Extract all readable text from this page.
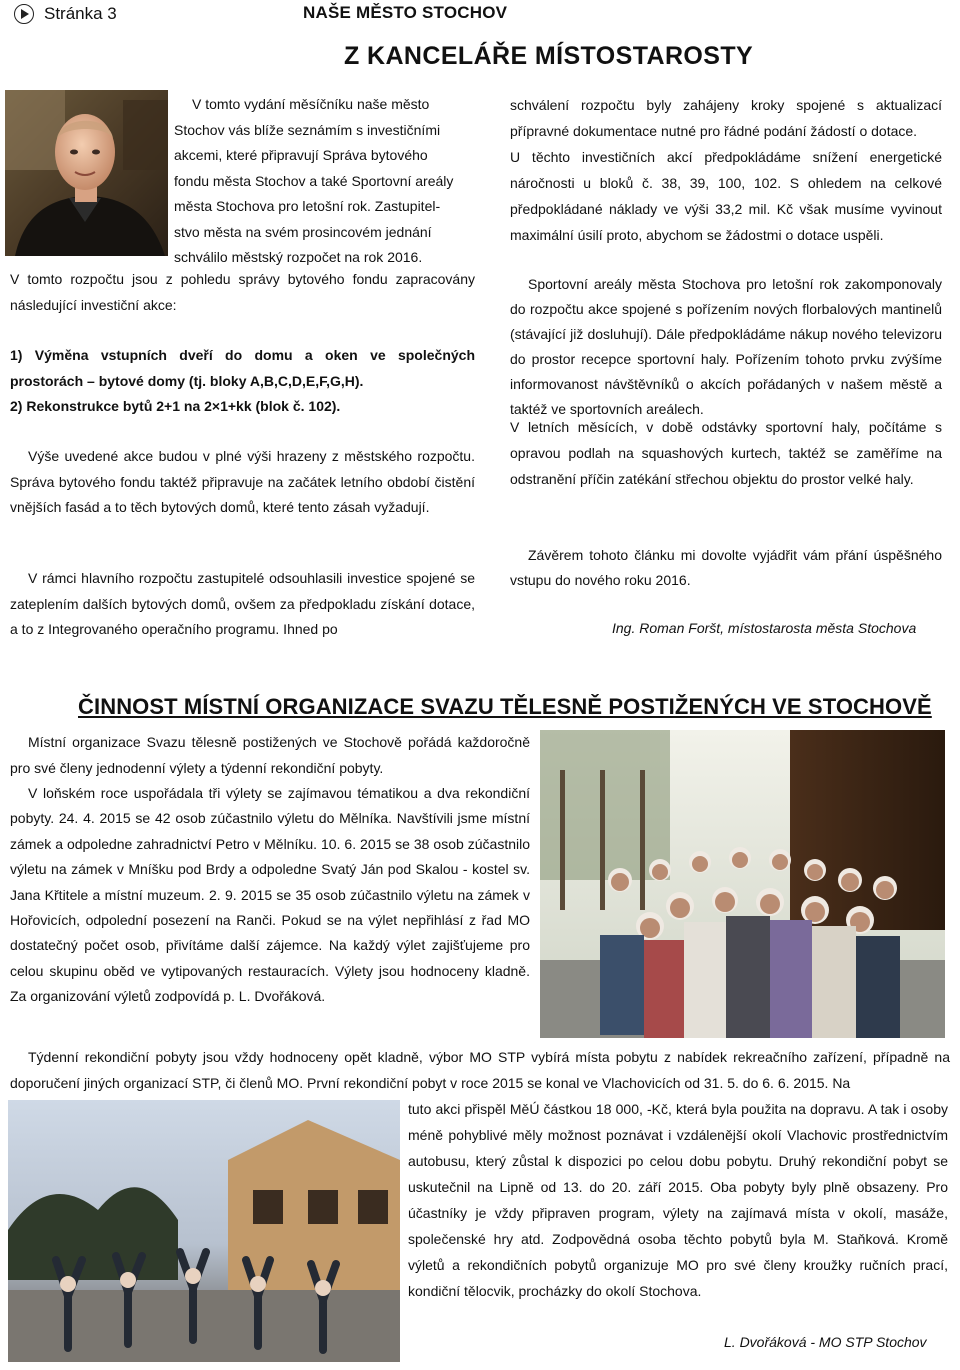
Stránka 3	NAŠE MĚSTO STOCHOV
Z KANCELÁŘE MÍSTOSTAROSTY

V tomto vydání měsíčníku naše město

Stochov vás blíže seznámím s investičními

akcemi, které připravují Správa bytového

fondu města Stochov a také Sportovní areály

města Stochova pro letošní rok. Zastupitel-

stvo města na svém prosincovém jednání

schválilo městský rozpočet na rok 2016.

V tomto rozpočtu jsou z pohledu správy bytového fondu zapracovány následující investiční akce:
1) Výměna vstupních dveří do domu a oken ve společných prostorách – bytové domy (tj. bloky A,B,C,D,E,F,G,H).
2) Rekonstrukce bytů 2+1 na 2×1+kk (blok č. 102).
Výše uvedené akce budou v plné výši hrazeny z městského rozpočtu. Správa bytového fondu taktéž připravuje na začátek letního období čistění vnějších fasád a to těch bytových domů, které tento zásah vyžadují.
V rámci hlavního rozpočtu zastupitelé odsouhlasili investice spojené se zateplením dalších bytových domů, ovšem za předpokladu získání dotace, a to z Integrovaného operačního programu. Ihned po
schválení rozpočtu byly zahájeny kroky spojené s aktualizací přípravné dokumentace nutné pro řádné podání žádostí o dotace.
U těchto investičních akcí předpokládáme snížení energetické náročnosti u bloků č. 38, 39, 100, 102. S ohledem na celkové předpokládané náklady ve výši 33,2 mil. Kč však musíme vyvinout maximální úsilí proto, abychom se žádostmi o dotace uspěli.
Sportovní areály města Stochova pro letošní rok zakomponovaly do rozpočtu akce spojené s pořízením nových florbalových mantinelů (stávající již dosluhují). Dále předpokládáme nákup nového televizoru do prostor recepce sportovní haly. Pořízením tohoto prvku zvýšíme informovanost návštěvníků o akcích pořádaných v našem městě a taktéž ve sportovních areálech.
V letních měsících, v době odstávky sportovní haly, počítáme s opravou podlah na squashových kurtech, taktéž se zaměříme na odstranění příčin zatékání střechou objektu do prostor velké haly.
Závěrem tohoto článku mi dovolte vyjádřit vám přání úspěšného vstupu do nového roku 2016.
Ing. Roman Foršt, místostarosta města Stochova
ČINNOST MÍSTNÍ ORGANIZACE SVAZU TĚLESNĚ POSTIŽENÝCH VE STOCHOVĚ
Místní organizace Svazu tělesně postižených ve Stochově pořádá každoročně pro své členy jednodenní výlety a týdenní rekondiční pobyty.
V loňském roce uspořádala tři výlety se zajímavou tématikou a dva rekondiční pobyty. 24. 4. 2015 se 42 osob zúčastnilo výletu do Mělníka. Navštívili jsme místní zámek a odpoledne zahradnictví Petro v Mělníku. 10. 6. 2015 se 38 osob zúčastnilo výletu na zámek v Mníšku pod Brdy a odpoledne Svatý Ján pod Skalou - kostel sv. Jana Křtitele a místní muzeum. 2. 9. 2015 se 35 osob zúčastnilo výletu na zámek v Hořovicích, odpolední posezení na Ranči. Pokud se na výlet nepřihlásí z řad MO dostatečný počet osob, přivítáme další zájemce. Na každý výlet zajišťujeme pro celou skupinu oběd ve vytipovaných restauracích. Výlety jsou hodnoceny kladně. Za organizování výletů zodpovídá p. L. Dvořáková.
Týdenní rekondiční pobyty jsou vždy hodnoceny opět kladně, výbor MO STP vybírá místa pobytu z nabídek rekreačního zařízení, případně na doporučení jiných organizací STP, či členů MO. První rekondiční pobyt v roce 2015 se konal ve Vlachovicích od 31. 5. do 6. 6. 2015. Na
tuto akci přispěl MěÚ částkou 18 000, -Kč, která byla použita na dopravu. A tak i osoby méně pohyblivé měly možnost poznávat i vzdálenější okolí Vlachovic prostřednictvím autobusu, který zůstal k dispozici po celou dobu pobytu. Druhý rekondiční pobyt se uskutečnil na Lipně od 13. do 20. září 2015. Oba pobyty byly plně obsazeny. Pro účastníky je vždy připraven program, výlety na zajímavá místa v okolí, masáže, společenské hry atd. Zodpovědná osoba těchto pobytů byla M. Staňková. Kromě výletů a rekondičních pobytů organizuje MO pro své členy kroužky ručních prací, kondiční tělocvik, procházky do okolí Stochova.
L. Dvořáková - MO STP Stochov
